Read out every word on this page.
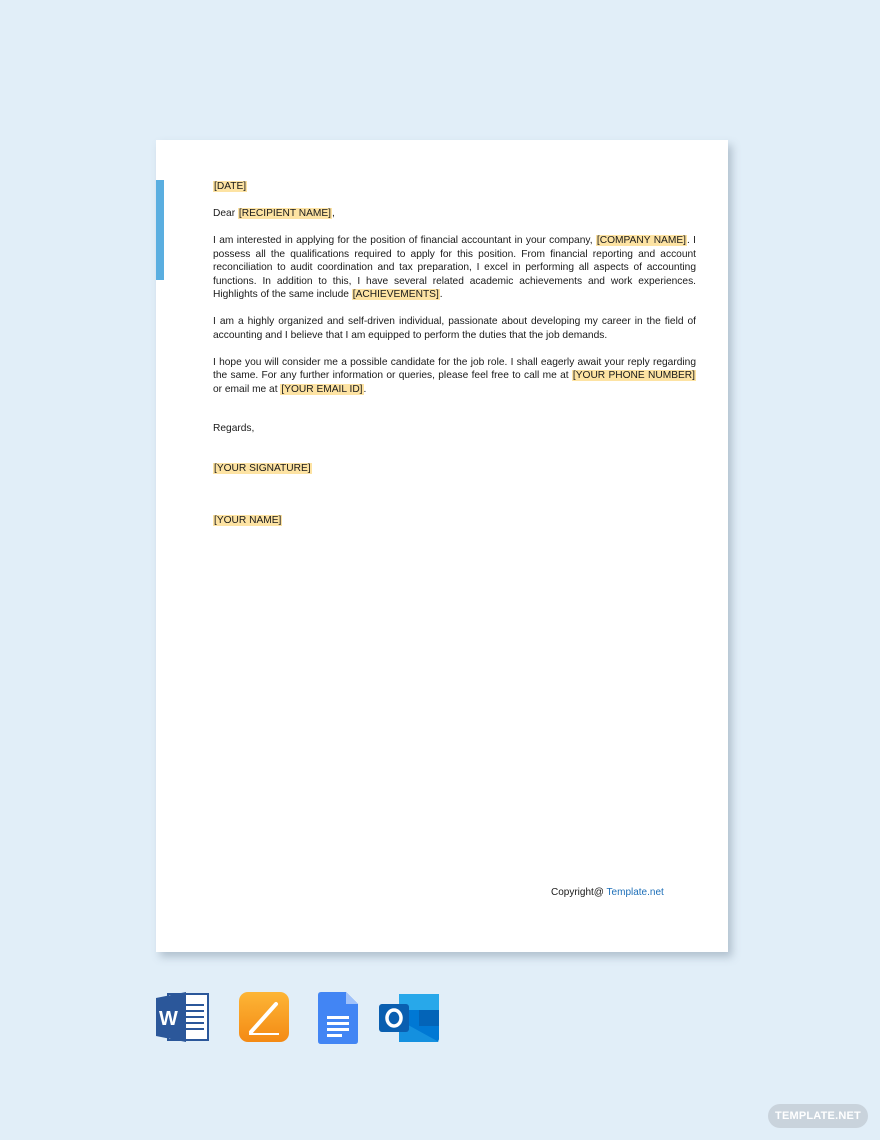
[DATE]

Dear [RECIPIENT NAME],

I am interested in applying for the position of financial accountant in your company, [COMPANY NAME]. I possess all the qualifications required to apply for this position. From financial reporting and account reconciliation to audit coordination and tax preparation, I excel in performing all aspects of accounting functions. In addition to this, I have several related academic achievements and work experiences. Highlights of the same include [ACHIEVEMENTS].

I am a highly organized and self-driven individual, passionate about developing my career in the field of accounting and I believe that I am equipped to perform the duties that the job demands.

I hope you will consider me a possible candidate for the job role. I shall eagerly await your reply regarding the same. For any further information or queries, please feel free to call me at [YOUR PHONE NUMBER] or email me at [YOUR EMAIL ID].

Regards,

[YOUR SIGNATURE]

[YOUR NAME]

Copyright@ Template.net
W
TEMPLATE.NET
